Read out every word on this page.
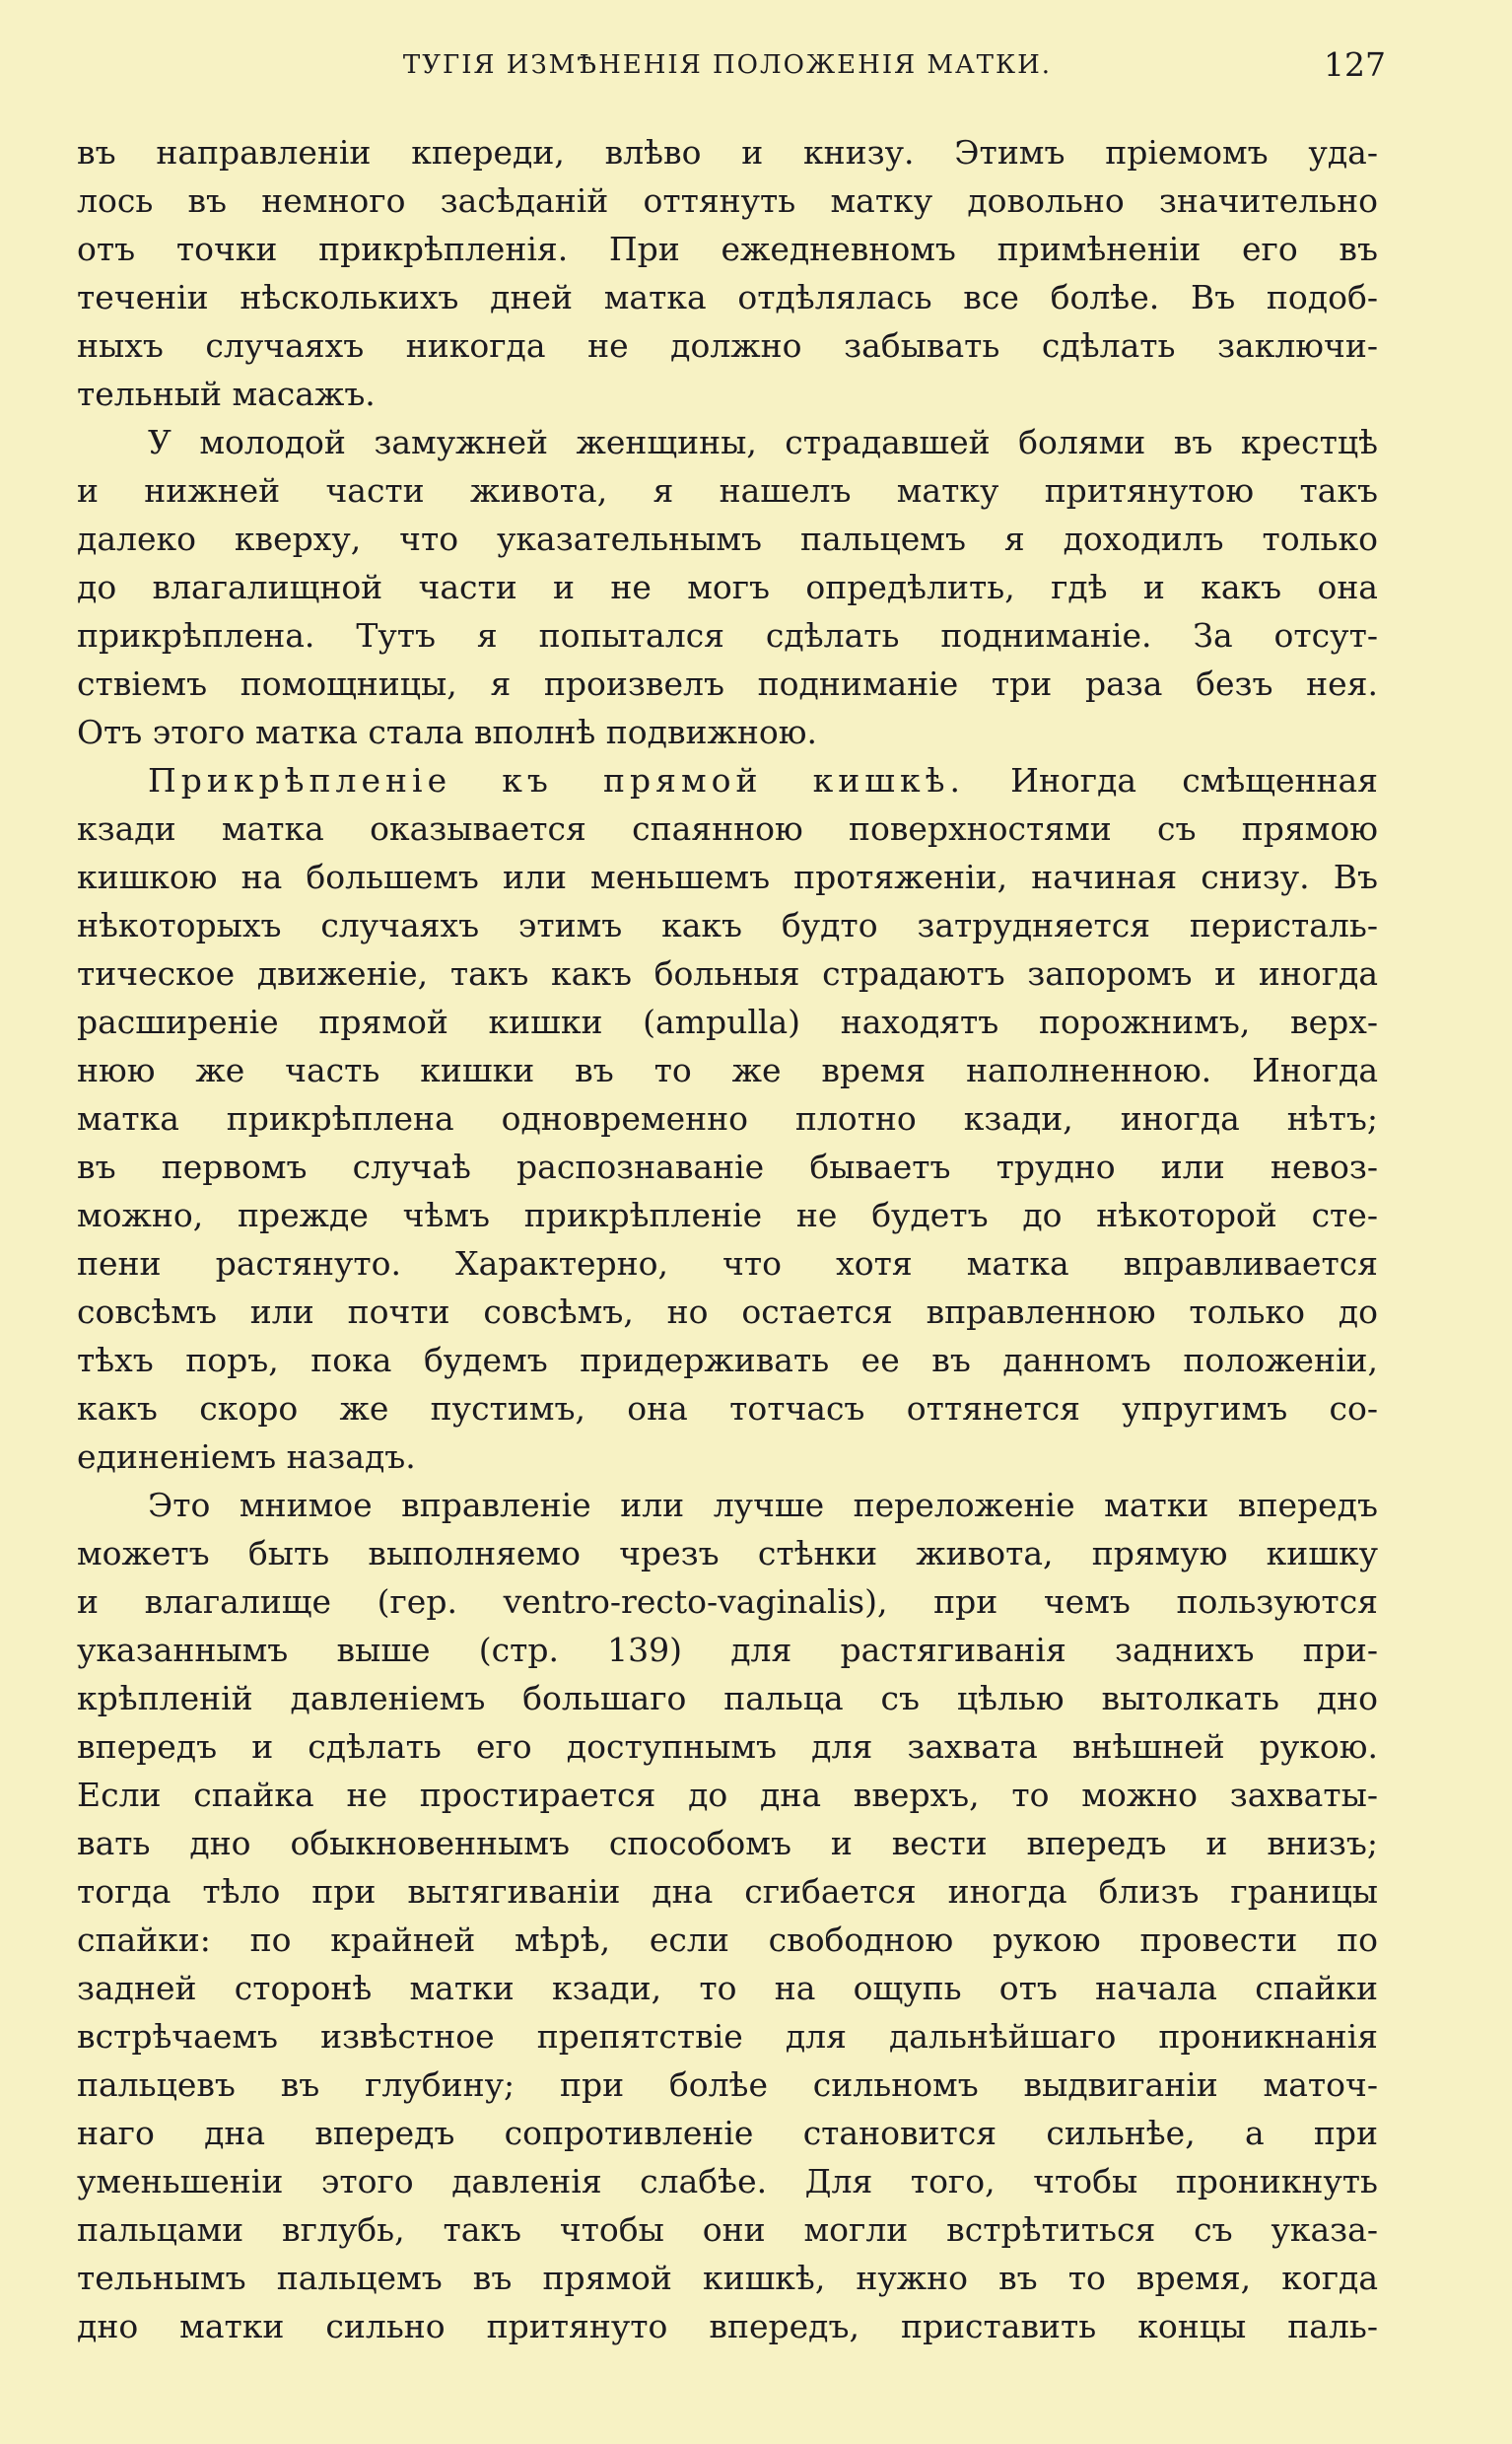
ТУГІЯ ИЗМѢНЕНІЯ ПОЛОЖЕНІЯ МАТКИ.	127
въ направленіи кпереди, влѣво и книзу. Этимъ пріемомъ уда-
лось въ немного засѣданій оттянуть матку довольно значительно
отъ точки прикрѣпленія. При ежедневномъ примѣненіи его въ
теченіи нѣсколькихъ дней матка отдѣлялась все болѣе. Въ подоб-
ныхъ случаяхъ никогда не должно забывать сдѣлать заключи-
тельный масажъ.
У молодой замужней женщины, страдавшей болями въ крестцѣ
и нижней части живота, я нашелъ матку притянутою такъ
далеко кверху, что указательнымъ пальцемъ я доходилъ только
до влагалищной части и не могъ опредѣлить, гдѣ и какъ она
прикрѣплена. Тутъ я попытался сдѣлать подниманіе. За отсут-
ствіемъ помощницы, я произвелъ подниманіе три раза безъ нея.
Отъ этого матка стала вполнѣ подвижною.
Прикрѣпленіе къ прямой кишкѣ. Иногда смѣщенная
кзади матка оказывается спаянною поверхностями съ прямою
кишкою на большемъ или меньшемъ протяженіи, начиная снизу. Въ
нѣкоторыхъ случаяхъ этимъ какъ будто затрудняется перисталь-
тическое движеніе, такъ какъ больныя страдаютъ запоромъ и иногда
расширеніе прямой кишки (ampulla) находятъ порожнимъ, верх-
нюю же часть кишки въ то же время наполненною. Иногда
матка прикрѣплена одновременно плотно кзади, иногда нѣтъ;
въ первомъ случаѣ распознаваніе бываетъ трудно или невоз-
можно, прежде чѣмъ прикрѣпленіе не будетъ до нѣкоторой сте-
пени растянуто. Характерно, что хотя матка вправливается
совсѣмъ или почти совсѣмъ, но остается вправленною только до
тѣхъ поръ, пока будемъ придерживать ее въ данномъ положеніи,
какъ скоро же пустимъ, она тотчасъ оттянется упругимъ со-
единеніемъ назадъ.
Это мнимое вправленіе или лучше переложеніе матки впередъ
можетъ быть выполняемо чрезъ стѣнки живота, прямую кишку
и влагалище (гер. ventro-recto-vaginalis), при чемъ пользуются
указаннымъ выше (стр. 139) для растягиванія заднихъ при-
крѣпленій давленіемъ большаго пальца съ цѣлью вытолкать дно
впередъ и сдѣлать его доступнымъ для захвата внѣшней рукою.
Если спайка не простирается до дна вверхъ, то можно захваты-
вать дно обыкновеннымъ способомъ и вести впередъ и внизъ;
тогда тѣло при вытягиваніи дна сгибается иногда близъ границы
спайки: по крайней мѣрѣ, если свободною рукою провести по
задней сторонѣ матки кзади, то на ощупь отъ начала спайки
встрѣчаемъ извѣстное препятствіе для дальнѣйшаго проникнанія
пальцевъ въ глубину; при болѣе сильномъ выдвиганіи маточ-
наго дна впередъ сопротивленіе становится сильнѣе, а при
уменьшеніи этого давленія слабѣе. Для того, чтобы проникнуть
пальцами вглубь, такъ чтобы они могли встрѣтиться съ указа-
тельнымъ пальцемъ въ прямой кишкѣ, нужно въ то время, когда
дно матки сильно притянуто впередъ, приставить концы паль-
